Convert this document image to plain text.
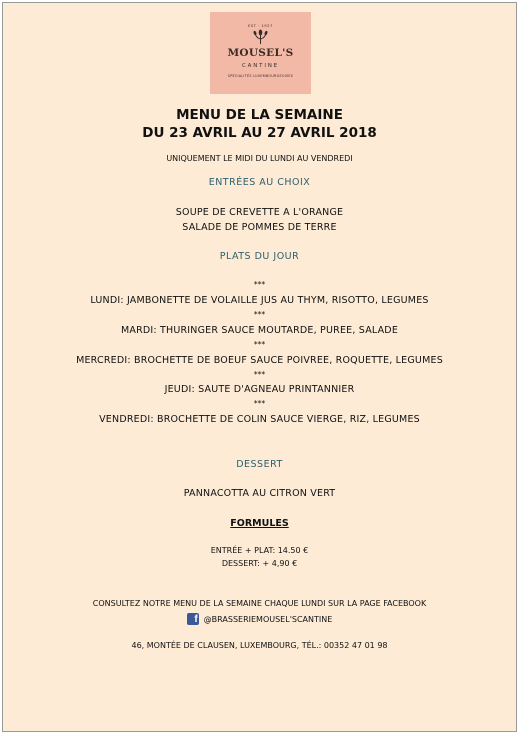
EST · 1927
MOUSEL'S
CANTINE
SPÉCIALITÉS LUXEMBOURGEOISES
MENU DE LA SEMAINE
DU 23 AVRIL AU 27 AVRIL 2018
UNIQUEMENT LE MIDI DU LUNDI AU VENDREDI
ENTRÉES AU CHOIX
SOUPE DE CREVETTE A L'ORANGE
SALADE DE POMMES DE TERRE
PLATS DU JOUR
***
LUNDI: JAMBONETTE DE VOLAILLE JUS AU THYM, RISOTTO, LEGUMES
***
MARDI: THURINGER SAUCE MOUTARDE, PUREE, SALADE
***
MERCREDI: BROCHETTE DE BOEUF SAUCE POIVREE, ROQUETTE, LEGUMES
***
JEUDI: SAUTE D'AGNEAU PRINTANNIER
***
VENDREDI: BROCHETTE DE COLIN SAUCE VIERGE, RIZ, LEGUMES
DESSERT
PANNACOTTA AU CITRON VERT
FORMULES
ENTRÉE + PLAT: 14.50 €
DESSERT: + 4,90 €
CONSULTEZ NOTRE MENU DE LA SEMAINE CHAQUE LUNDI SUR LA PAGE FACEBOOK
f @BRASSERIEMOUSEL'SCANTINE
46, MONTÉE DE CLAUSEN, LUXEMBOURG, TÉL.: 00352 47 01 98
